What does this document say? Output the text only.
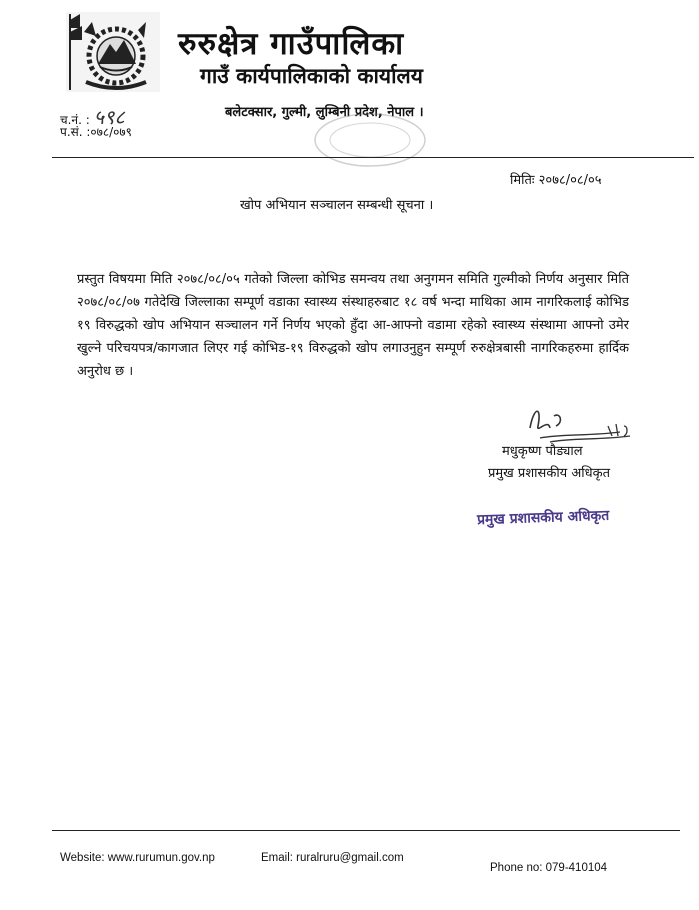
रुरुक्षेत्र गाउँपालिका
गाउँ कार्यपालिकाको कार्यालय
बलेटक्सार, गुल्मी, लुम्बिनी प्रदेश, नेपाल ।
च.नं. : ५९८
प.सं. :०७८/०७९
मितिः २०७८/०८/०५
खोप अभियान सञ्चालन सम्बन्धी सूचना ।
प्रस्तुत विषयमा मिति २०७८/०८/०५ गतेको जिल्ला कोभिड समन्वय तथा अनुगमन समिति गुल्मीको निर्णय अनुसार मिति २०७८/०८/०७ गतेदेखि जिल्लाका सम्पूर्ण वडाका स्वास्थ्य संस्थाहरुबाट १८ वर्ष भन्दा माथिका आम नागरिकलाई कोभिड १९ विरुद्धको खोप अभियान सञ्चालन गर्ने निर्णय भएको हुँदा आ-आफ्नो वडामा रहेको स्वास्थ्य संस्थामा आफ्नो उमेर खुल्ने परिचयपत्र/कागजात लिएर गई कोभिड-१९ विरुद्धको खोप लगाउनुहुन सम्पूर्ण रुरुक्षेत्रबासी नागरिकहरुमा हार्दिक अनुरोध छ ।
मधुकृष्ण पौड्याल
प्रमुख प्रशासकीय अधिकृत
प्रमुख प्रशासकीय अधिकृत
Website: www.rurumun.gov.np	Email: ruralruru@gmail.com
Phone no: 079-410104
